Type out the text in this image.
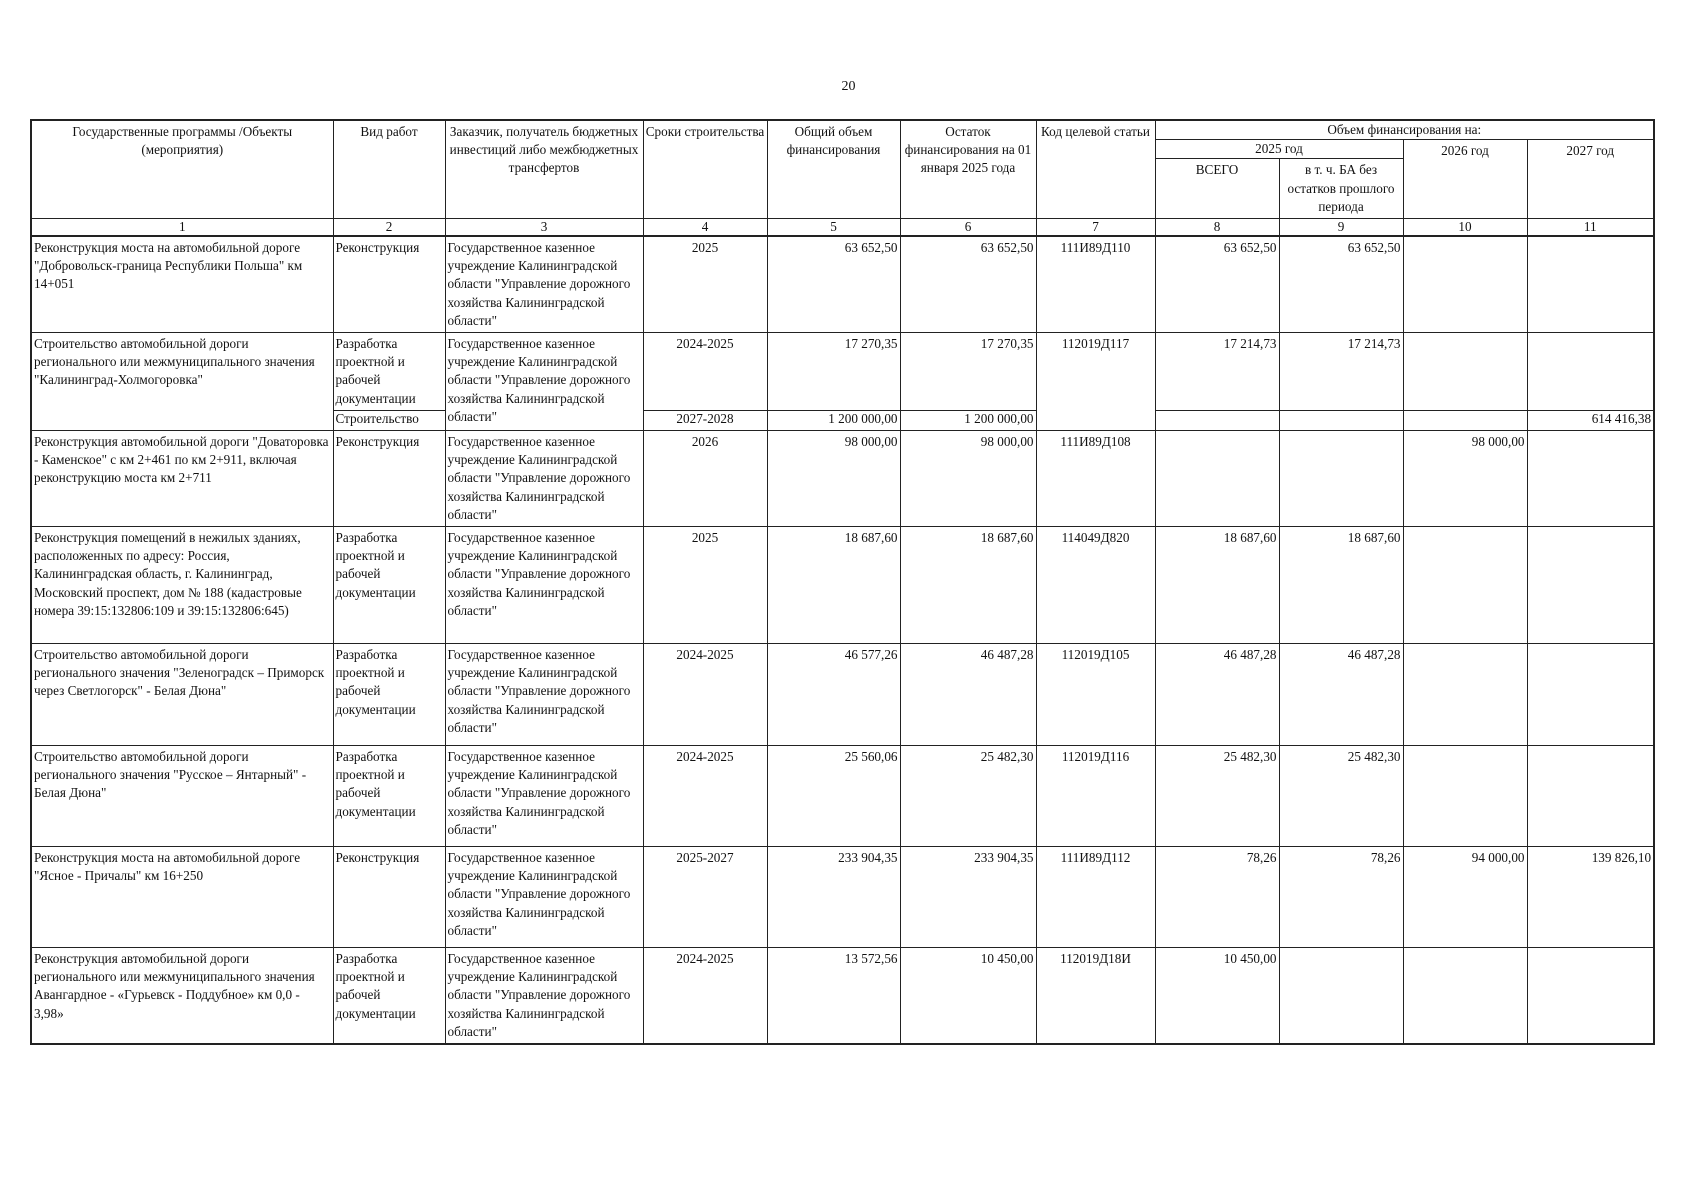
20
Государственные программы /Объекты (мероприятия)	Вид работ	Заказчик, получатель бюджетных инвестиций либо межбюджетных трансфертов	Сроки строительства	Общий объем финансирования	Остаток финансирования на 01 января 2025 года	Код целевой статьи	Объем финансирования на:			
							2025 год		2026 год	2027 год
							ВСЕГО	в т. ч. БА без остатков прошлого периода		
1	2	3	4	5	6	7	8	9	10	11
Реконструкция моста на автомобильной дороге "Добровольск-граница Республики Польша" км 14+051	Реконструкция	Государственное казенное учреждение Калининградской области "Управление дорожного хозяйства Калининградской области"	2025	63 652,50	63 652,50	111И89Д110	63 652,50	63 652,50		
Строительство автомобильной дороги регионального или межмуниципального значения "Калининград-Холмогоровка"	Разработка проектной и рабочей документации	Государственное казенное учреждение Калининградской области "Управление дорожного хозяйства Калининградской области"	2024-2025	17 270,35	17 270,35	112019Д117	17 214,73	17 214,73		
	Строительство		2027-2028	1 200 000,00	1 200 000,00					614 416,38
Реконструкция автомобильной дороги "Доваторовка - Каменское" с км 2+461 по км 2+911, включая реконструкцию моста км 2+711	Реконструкция	Государственное казенное учреждение Калининградской области "Управление дорожного хозяйства Калининградской области"	2026	98 000,00	98 000,00	111И89Д108			98 000,00	
Реконструкция помещений в нежилых зданиях, расположенных по адресу: Россия, Калининградская область, г. Калининград, Московский проспект, дом № 188 (кадастровые номера 39:15:132806:109 и 39:15:132806:645)	Разработка проектной и рабочей документации	Государственное казенное учреждение Калининградской области "Управление дорожного хозяйства Калининградской области"	2025	18 687,60	18 687,60	114049Д820	18 687,60	18 687,60		
Строительство автомобильной дороги регионального значения "Зеленоградск – Приморск через Светлогорск" - Белая Дюна"	Разработка проектной и рабочей документации	Государственное казенное учреждение Калининградской области "Управление дорожного хозяйства Калининградской области"	2024-2025	46 577,26	46 487,28	112019Д105	46 487,28	46 487,28		
Строительство автомобильной дороги регионального значения "Русское – Янтарный" - Белая Дюна"	Разработка проектной и рабочей документации	Государственное казенное учреждение Калининградской области "Управление дорожного хозяйства Калининградской области"	2024-2025	25 560,06	25 482,30	112019Д116	25 482,30	25 482,30		
Реконструкция моста на автомобильной дороге "Ясное - Причалы" км 16+250	Реконструкция	Государственное казенное учреждение Калининградской области "Управление дорожного хозяйства Калининградской области"	2025-2027	233 904,35	233 904,35	111И89Д112	78,26	78,26	94 000,00	139 826,10
Реконструкция автомобильной дороги регионального или межмуниципального значения Авангардное - «Гурьевск - Поддубное» км 0,0 - 3,98»	Разработка проектной и рабочей документации	Государственное казенное учреждение Калининградской области "Управление дорожного хозяйства Калининградской области"	2024-2025	13 572,56	10 450,00	112019Д18И	10 450,00			
